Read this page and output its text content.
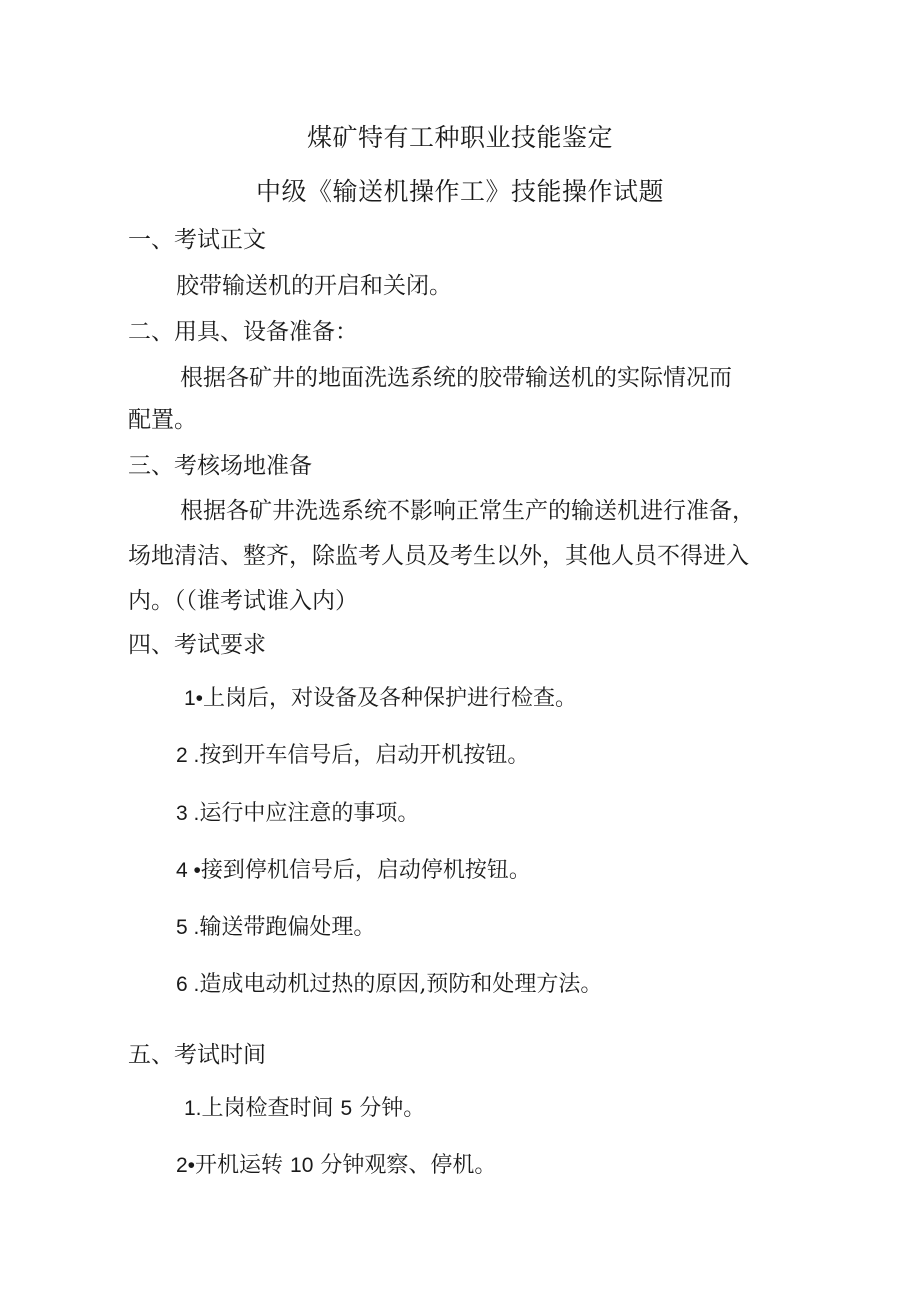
煤矿特有工种职业技能鉴定
中级《输送机操作工》技能操作试题
一、考试正文
胶带输送机的开启和关闭。
二、用具、设备准备：
根据各矿井的地面洗选系统的胶带输送机的实际情况而
配置。
三、考核场地准备
根据各矿井洗选系统不影响正常生产的输送机进行准备，
场地清洁、整齐，除监考人员及考生以外，其他人员不得进入
内。（（谁考试谁入内）
四、考试要求
1•上岗后，对设备及各种保护进行检查。
2 .按到开车信号后，启动开机按钮。
3 .运行中应注意的事项。
4 •接到停机信号后，启动停机按钮。
5 .输送带跑偏处理。
6 .造成电动机过热的原因,预防和处理方法。
五、考试时间
1.上岗检查时间 5 分钟。
2•开机运转 10 分钟观察、停机。
